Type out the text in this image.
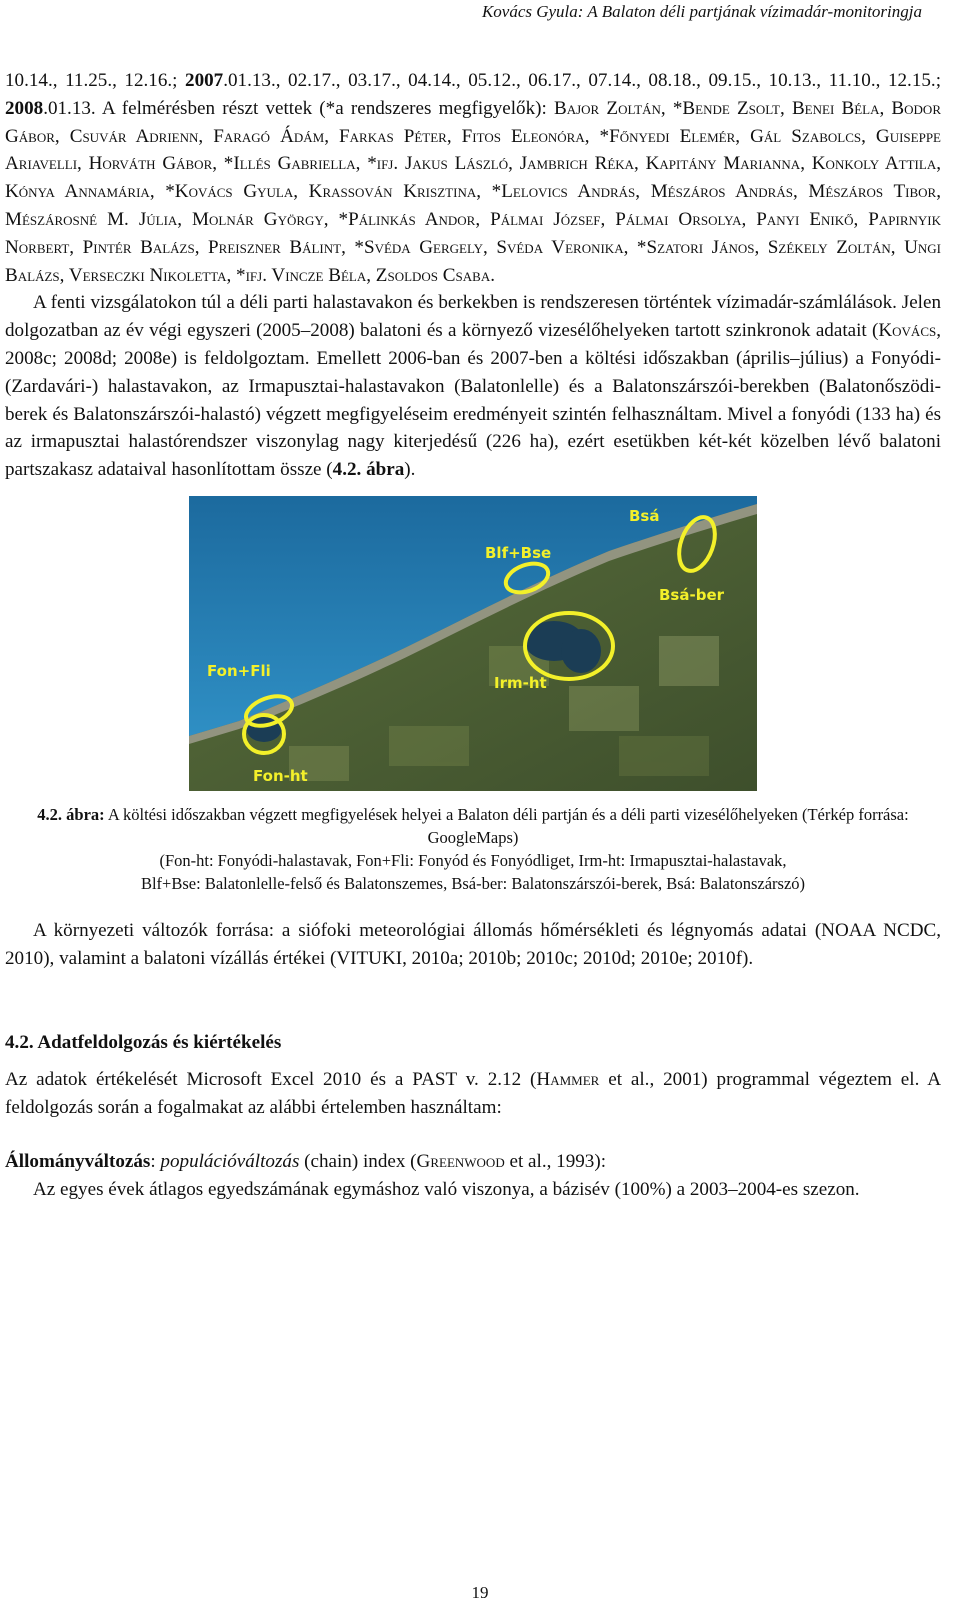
Kovács Gyula: A Balaton déli partjának vízimadár-monitoringja

10.14., 11.25., 12.16.; 2007.01.13., 02.17., 03.17., 04.14., 05.12., 06.17., 07.14., 08.18., 09.15., 10.13., 11.10., 12.15.; 2008.01.13. A felmérésben részt vettek (*a rendszeres megfigyelők): Bajor Zoltán, *Bende Zsolt, Benei Béla, Bodor Gábor, Csuvár Adrienn, Faragó Ádám, Farkas Péter, Fitos Eleonóra, *Főnyedi Elemér, Gál Szabolcs, Guiseppe Ariavelli, Horváth Gábor, *Illés Gabriella, *ifj. Jakus László, Jambrich Réka, Kapitány Marianna, Konkoly Attila, Kónya Annamária, *Kovács Gyula, Krassován Krisztina, *Lelovics András, Mészáros András, Mészáros Tibor, Mészárosné M. Júlia, Molnár György, *Pálinkás Andor, Pálmai József, Pálmai Orsolya, Panyi Enikő, Papirnyik Norbert, Pintér Balázs, Preiszner Bálint, *Svéda Gergely, Svéda Veronika, *Szatori János, Székely Zoltán, Ungi Balázs, Verseczki Nikoletta, *ifj. Vincze Béla, Zsoldos Csaba.

A fenti vizsgálatokon túl a déli parti halastavakon és berkekben is rendszeresen történtek vízimadár-számlálások. Jelen dolgozatban az év végi egyszeri (2005–2008) balatoni és a környező vizesélőhelyeken tartott szinkronok adatait (Kovács, 2008c; 2008d; 2008e) is feldolgoztam. Emellett 2006-ban és 2007-ben a költési időszakban (április–július) a Fonyódi- (Zardavári-) halastavakon, az Irmapusztai-halastavakon (Balatonlelle) és a Balatonszárszói-berekben (Balatonőszödi-berek és Balatonszárszói-halastó) végzett megfigyeléseim eredményeit szintén felhasználtam. Mivel a fonyódi (133 ha) és az irmapusztai halastórendszer viszonylag nagy kiterjedésű (226 ha), ezért esetükben két-két közelben lévő balatoni partszakasz adataival hasonlítottam össze (4.2. ábra).

Bsá
Blf+Bse
Bsá-ber
Fon+Fli
Irm-ht
Fon-ht
4.2. ábra: A költési időszakban végzett megfigyelések helyei a Balaton déli partján és a déli parti vizesélőhelyeken (Térkép forrása: GoogleMaps)
(Fon-ht: Fonyódi-halastavak, Fon+Fli: Fonyód és Fonyódliget, Irm-ht: Irmapusztai-halastavak,
Blf+Bse: Balatonlelle-felső és Balatonszemes, Bsá-ber: Balatonszárszói-berek, Bsá: Balatonszárszó)

A környezeti változók forrása: a siófoki meteorológiai állomás hőmérsékleti és légnyomás adatai (NOAA NCDC, 2010), valamint a balatoni vízállás értékei (VITUKI, 2010a; 2010b; 2010c; 2010d; 2010e; 2010f).

4.2. Adatfeldolgozás és kiértékelés

Az adatok értékelését Microsoft Excel 2010 és a PAST v. 2.12 (Hammer et al., 2001) programmal végeztem el. A feldolgozás során a fogalmakat az alábbi értelemben használtam:

Állományváltozás: populációváltozás (chain) index (Greenwood et al., 1993):

Az egyes évek átlagos egyedszámának egymáshoz való viszonya, a bázisév (100%) a 2003–2004-es szezon.

19
